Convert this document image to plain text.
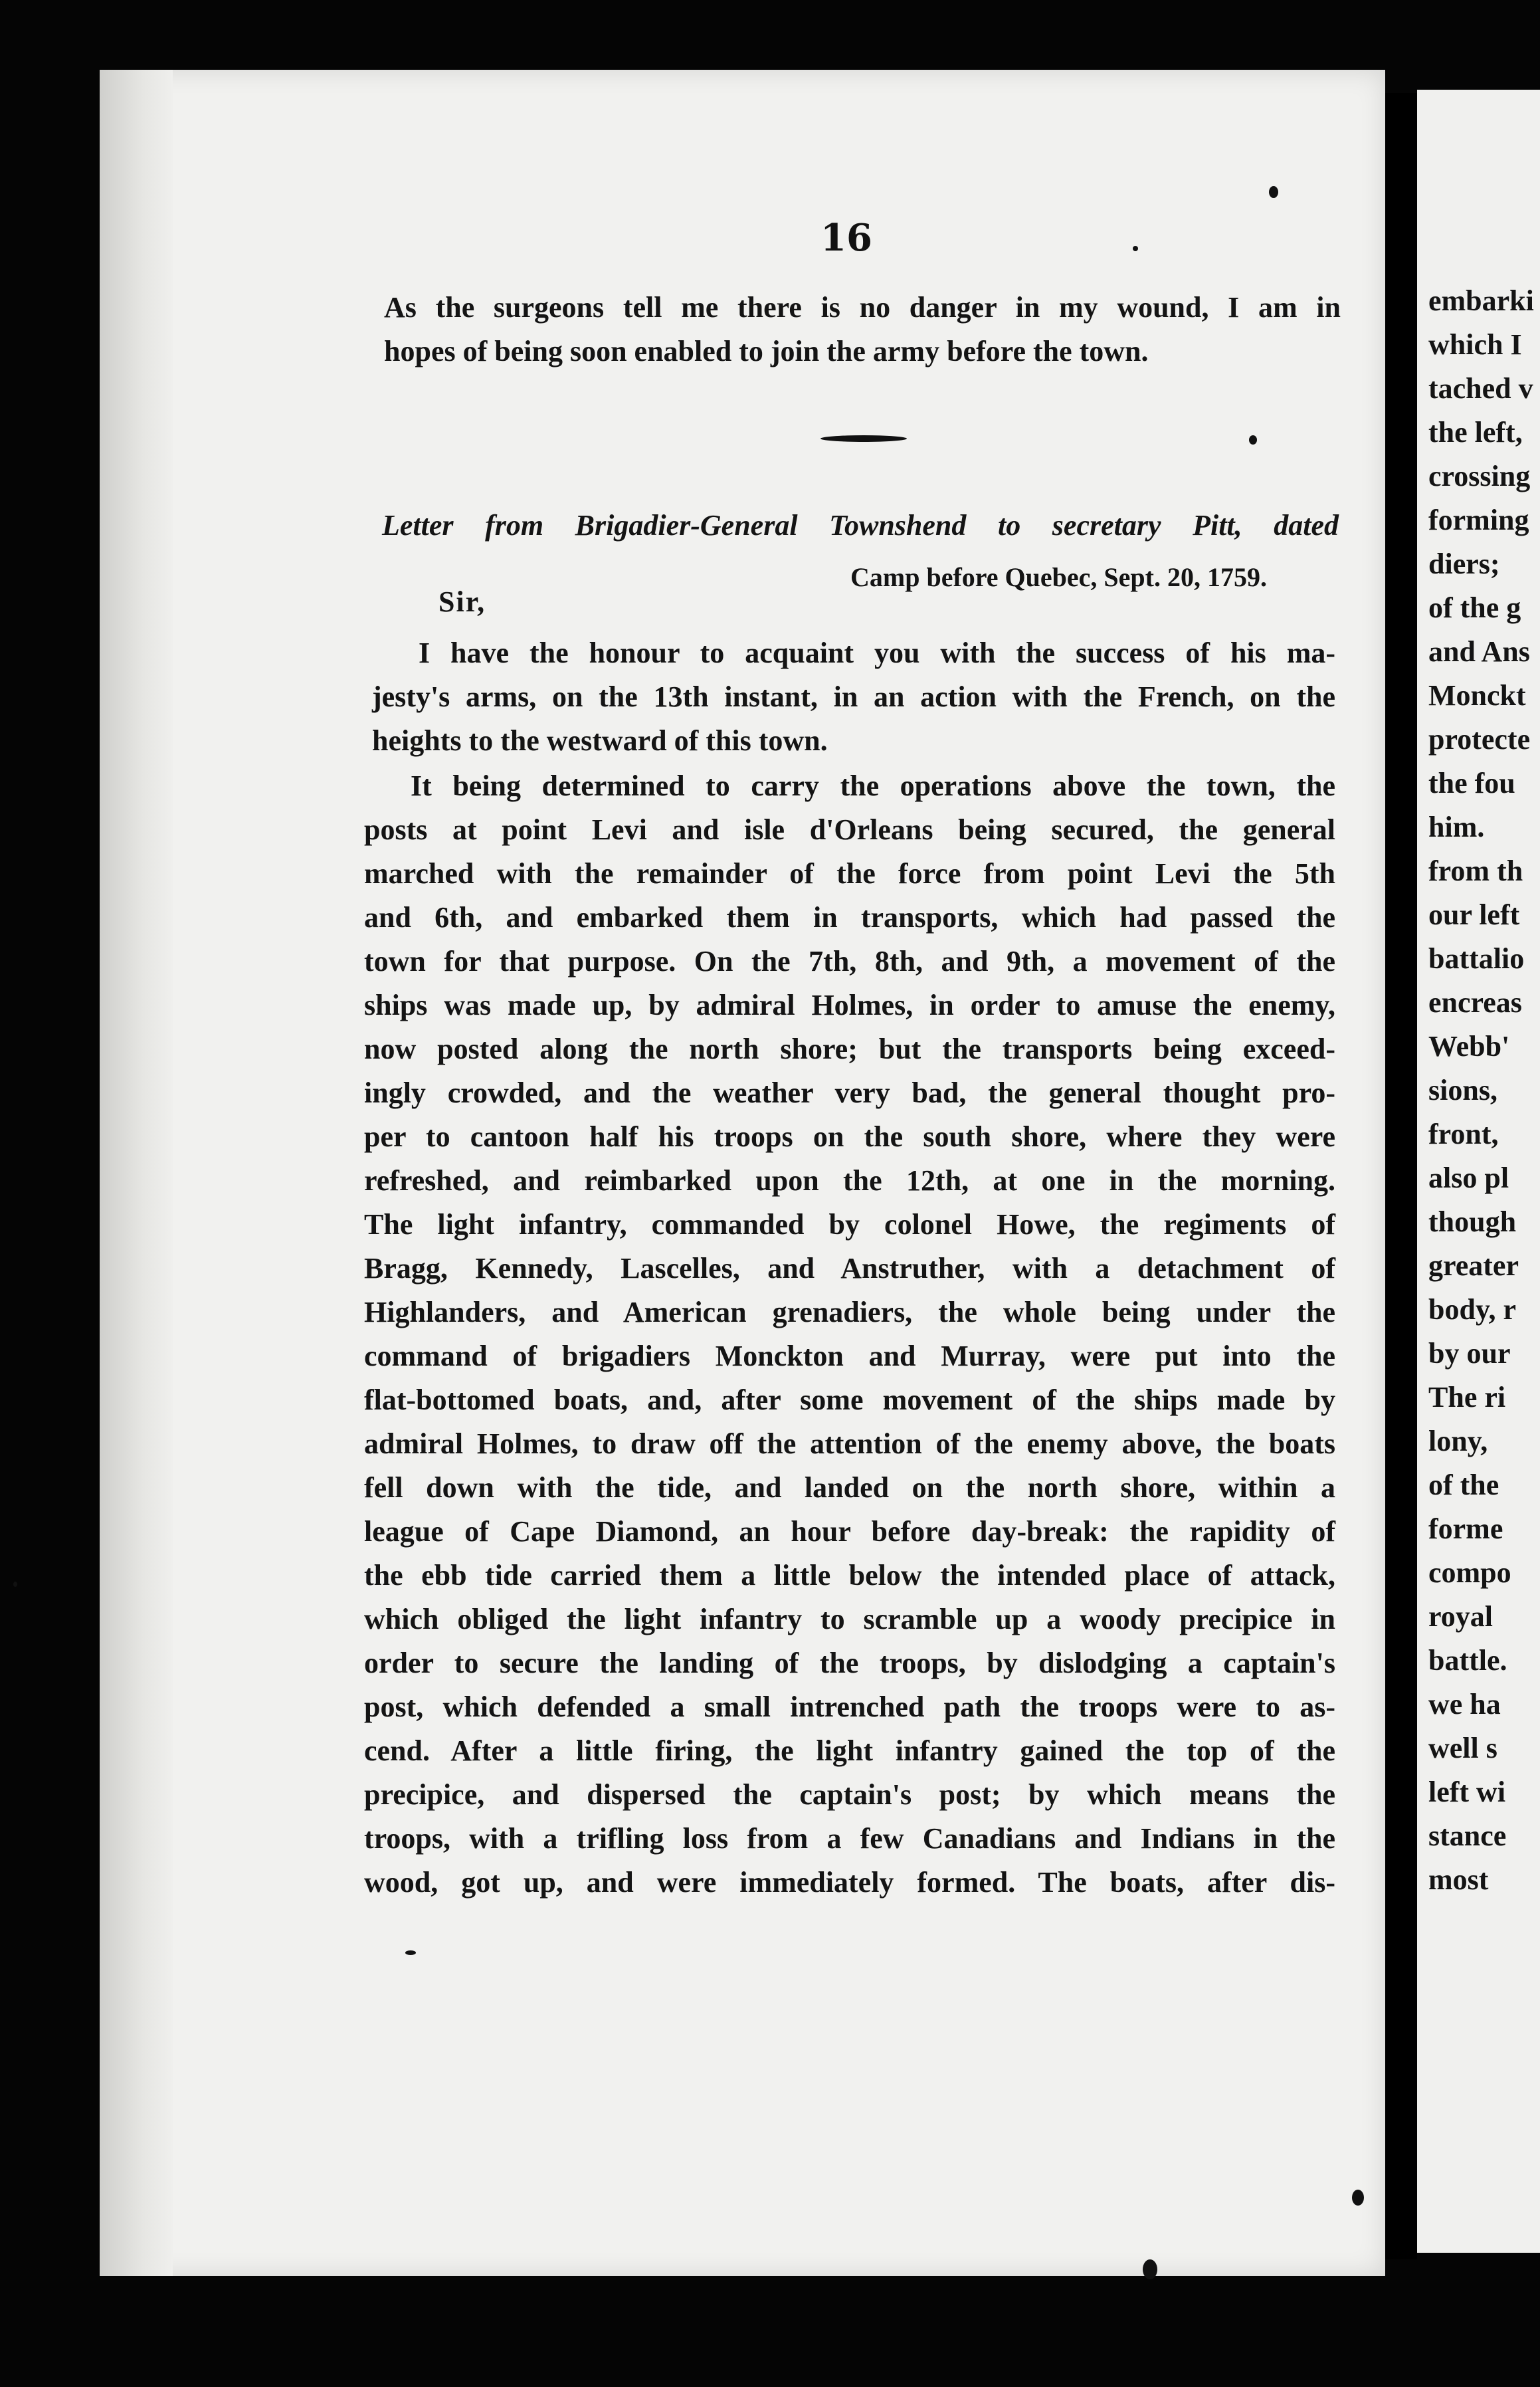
16
As the surgeons tell me there is no danger in my wound, I am in
hopes of being soon enabled to join the army before the town.
Letter from Brigadier-General Townshend to secretary Pitt, dated
Camp before Quebec, Sept. 20, 1759.
Sir,
I have the honour to acquaint you with the success of his ma-
jesty's arms, on the 13th instant, in an action with the French, on the
heights to the westward of this town.
It being determined to carry the operations above the town, the
posts at point Levi and isle d'Orleans being secured, the general
marched with the remainder of the force from point Levi the 5th
and 6th, and embarked them in transports, which had passed the
town for that purpose. On the 7th, 8th, and 9th, a movement of the
ships was made up, by admiral Holmes, in order to amuse the enemy,
now posted along the north shore; but the transports being exceed-
ingly crowded, and the weather very bad, the general thought pro-
per to cantoon half his troops on the south shore, where they were
refreshed, and reimbarked upon the 12th, at one in the morning.
The light infantry, commanded by colonel Howe, the regiments of
Bragg, Kennedy, Lascelles, and Anstruther, with a detachment of
Highlanders, and American grenadiers, the whole being under the
command of brigadiers Monckton and Murray, were put into the
flat-bottomed boats, and, after some movement of the ships made by
admiral Holmes, to draw off the attention of the enemy above, the boats
fell down with the tide, and landed on the north shore, within a
league of Cape Diamond, an hour before day-break: the rapidity of
the ebb tide carried them a little below the intended place of attack,
which obliged the light infantry to scramble up a woody precipice in
order to secure the landing of the troops, by dislodging a captain's
post, which defended a small intrenched path the troops were to as-
cend. After a little firing, the light infantry gained the top of the
precipice, and dispersed the captain's post; by which means the
troops, with a trifling loss from a few Canadians and Indians in the
wood, got up, and were immediately formed. The boats, after dis-
embarki
which I
tached v
the left,
crossing
forming
diers;
of the g
and Ans
Monckt
protecte
the fou
him.
from th
our left
battalio
encreas
Webb'
sions,
front,
also pl
though
greater
body, r
by our
The ri
lony,
of the
forme
compo
royal
battle.
we ha
well s
left wi
stance
most
